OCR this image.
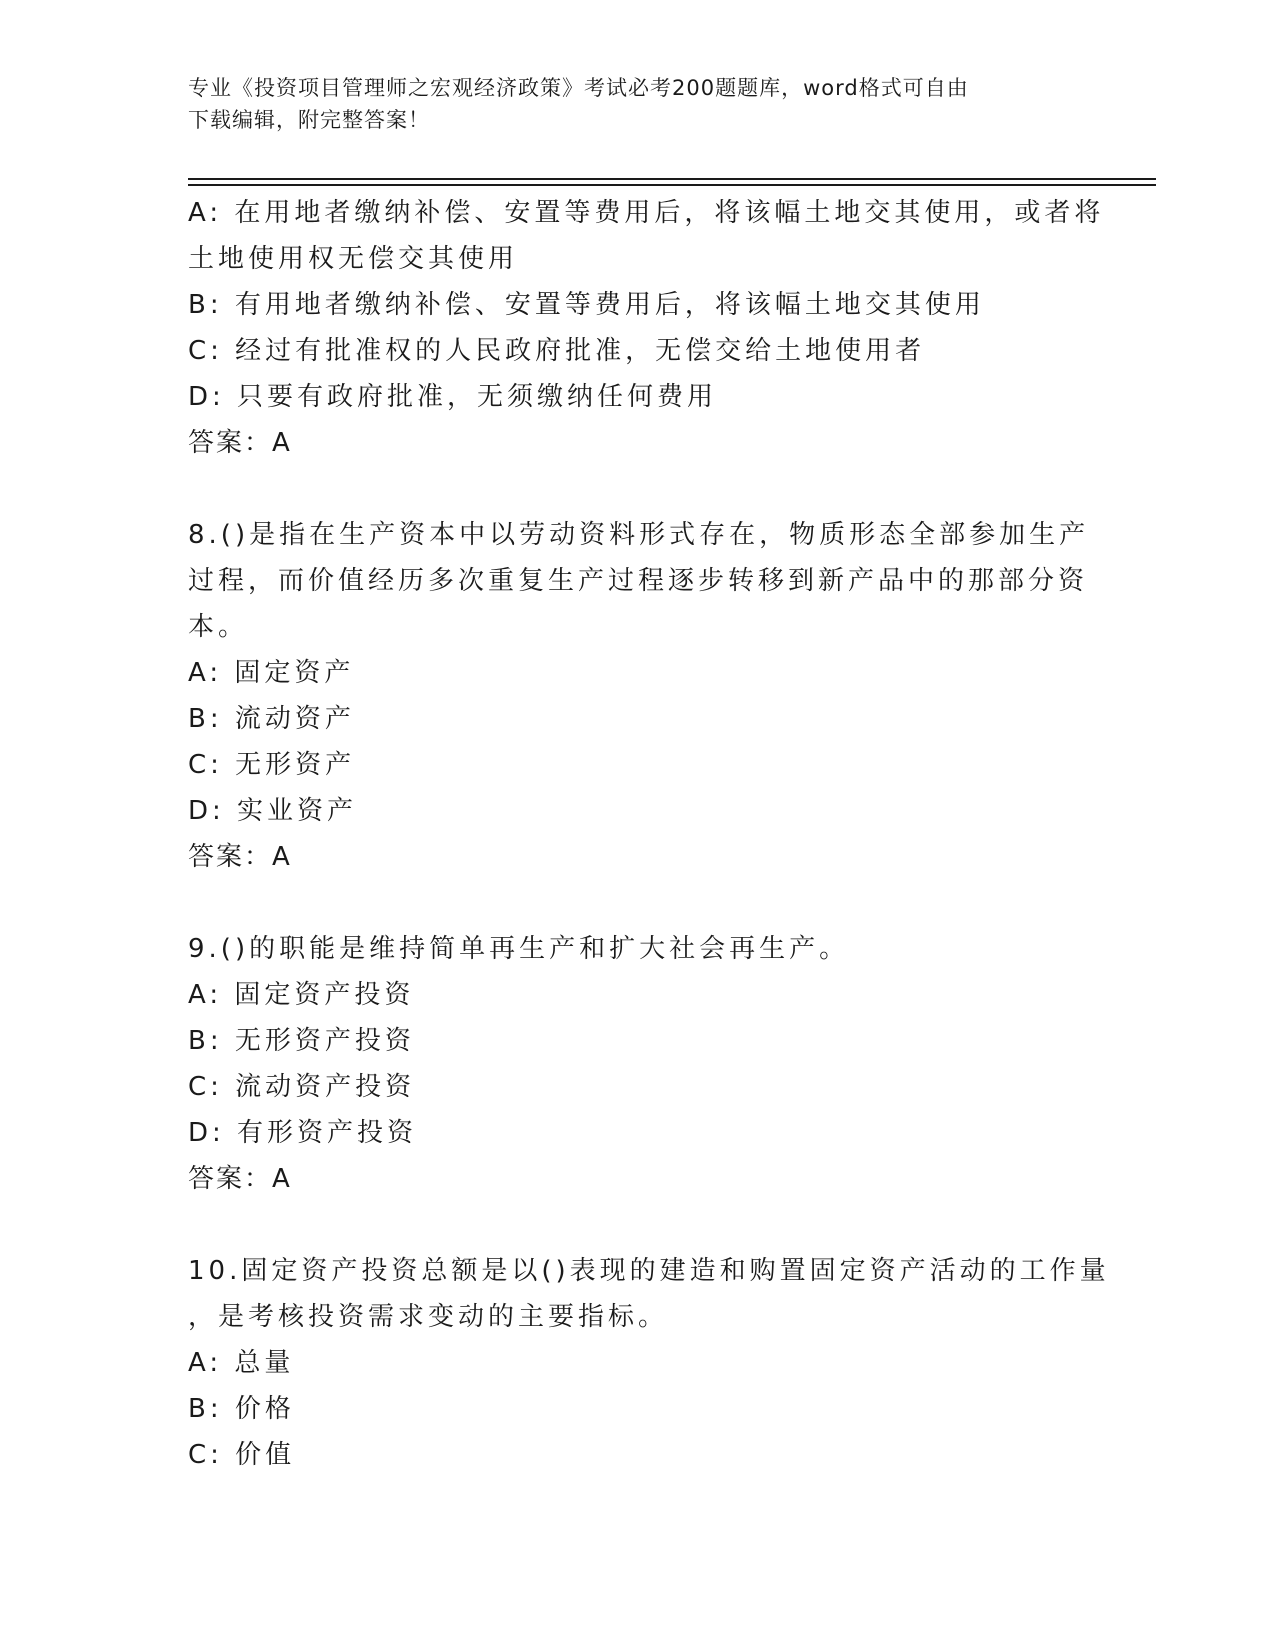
专业《投资项目管理师之宏观经济政策》考试必考200题题库，word格式可自由

下载编辑，附完整答案！

A: 在用地者缴纳补偿、安置等费用后，将该幅土地交其使用，或者将

土地使用权无偿交其使用

B: 有用地者缴纳补偿、安置等费用后，将该幅土地交其使用

C: 经过有批准权的人民政府批准，无偿交给土地使用者

D: 只要有政府批准，无须缴纳任何费用

答案：A

8.()是指在生产资本中以劳动资料形式存在，物质形态全部参加生产

过程，而价值经历多次重复生产过程逐步转移到新产品中的那部分资

本。

A: 固定资产

B: 流动资产

C: 无形资产

D: 实业资产

答案：A

9.()的职能是维持简单再生产和扩大社会再生产。

A: 固定资产投资

B: 无形资产投资

C: 流动资产投资

D: 有形资产投资

答案：A

10.固定资产投资总额是以()表现的建造和购置固定资产活动的工作量

，是考核投资需求变动的主要指标。

A: 总量

B: 价格

C: 价值
